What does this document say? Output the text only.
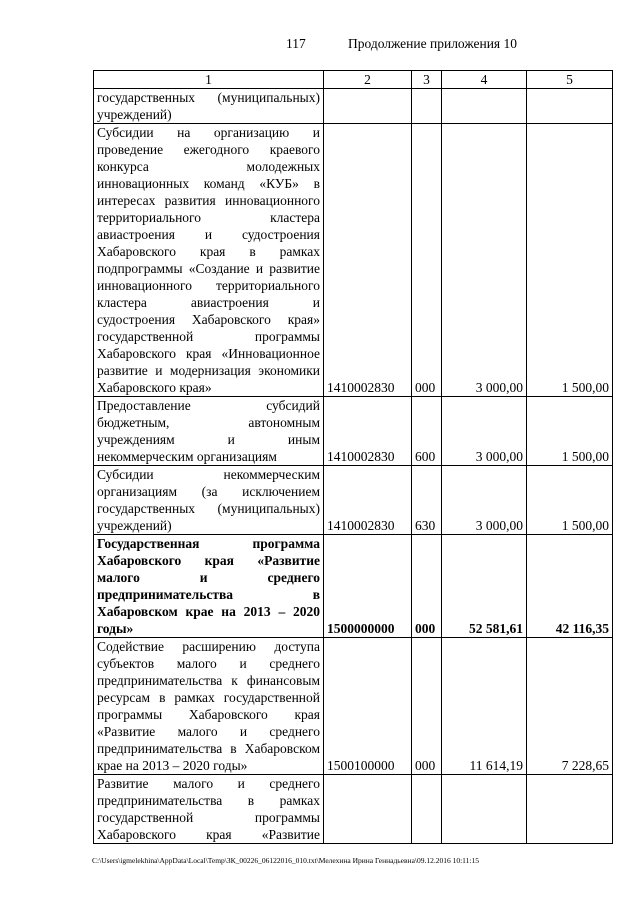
117	Продолжение приложения 10
1	2	3	4	5
государственных (муниципальных) учреждений)				
Субсидии на организацию и проведение ежегодного краевого конкурса молодежных инновационных команд «КУБ» в интересах развития инновационного территориального кластера авиастроения и судостроения Хабаровского края в рамках подпрограммы «Создание и развитие инновационного территориального кластера авиастроения и судостроения Хабаровского края» государственной программы Хабаровского края «Инновационное развитие и модернизация экономики Хабаровского края»	1410002830	000	3 000,00	1 500,00
Предоставление субсидий бюджетным, автономным учреждениям и иным некоммерческим организациям	1410002830	600	3 000,00	1 500,00
Субсидии некоммерческим организациям (за исключением государственных (муниципальных) учреждений)	1410002830	630	3 000,00	1 500,00
Государственная программа Хабаровского края «Развитие малого и среднего предпринимательства в Хабаровском крае на 2013 – 2020 годы»	1500000000	000	52 581,61	42 116,35
Содействие расширению доступа субъектов малого и среднего предпринимательства к финансовым ресурсам в рамках государственной программы Хабаровского края «Развитие малого и среднего предпринимательства в Хабаровском крае на 2013 – 2020 годы»	1500100000	000	11 614,19	7 228,65
Развитие малого и среднего предпринимательства в рамках государственной программы Хабаровского края «Развитие				
C:\Users\igmelekhina\AppData\Local\Temp\ЗК_00226_06122016_010.txt\Мелехина Ирина Геннадьевна\09.12.2016 10:11:15
